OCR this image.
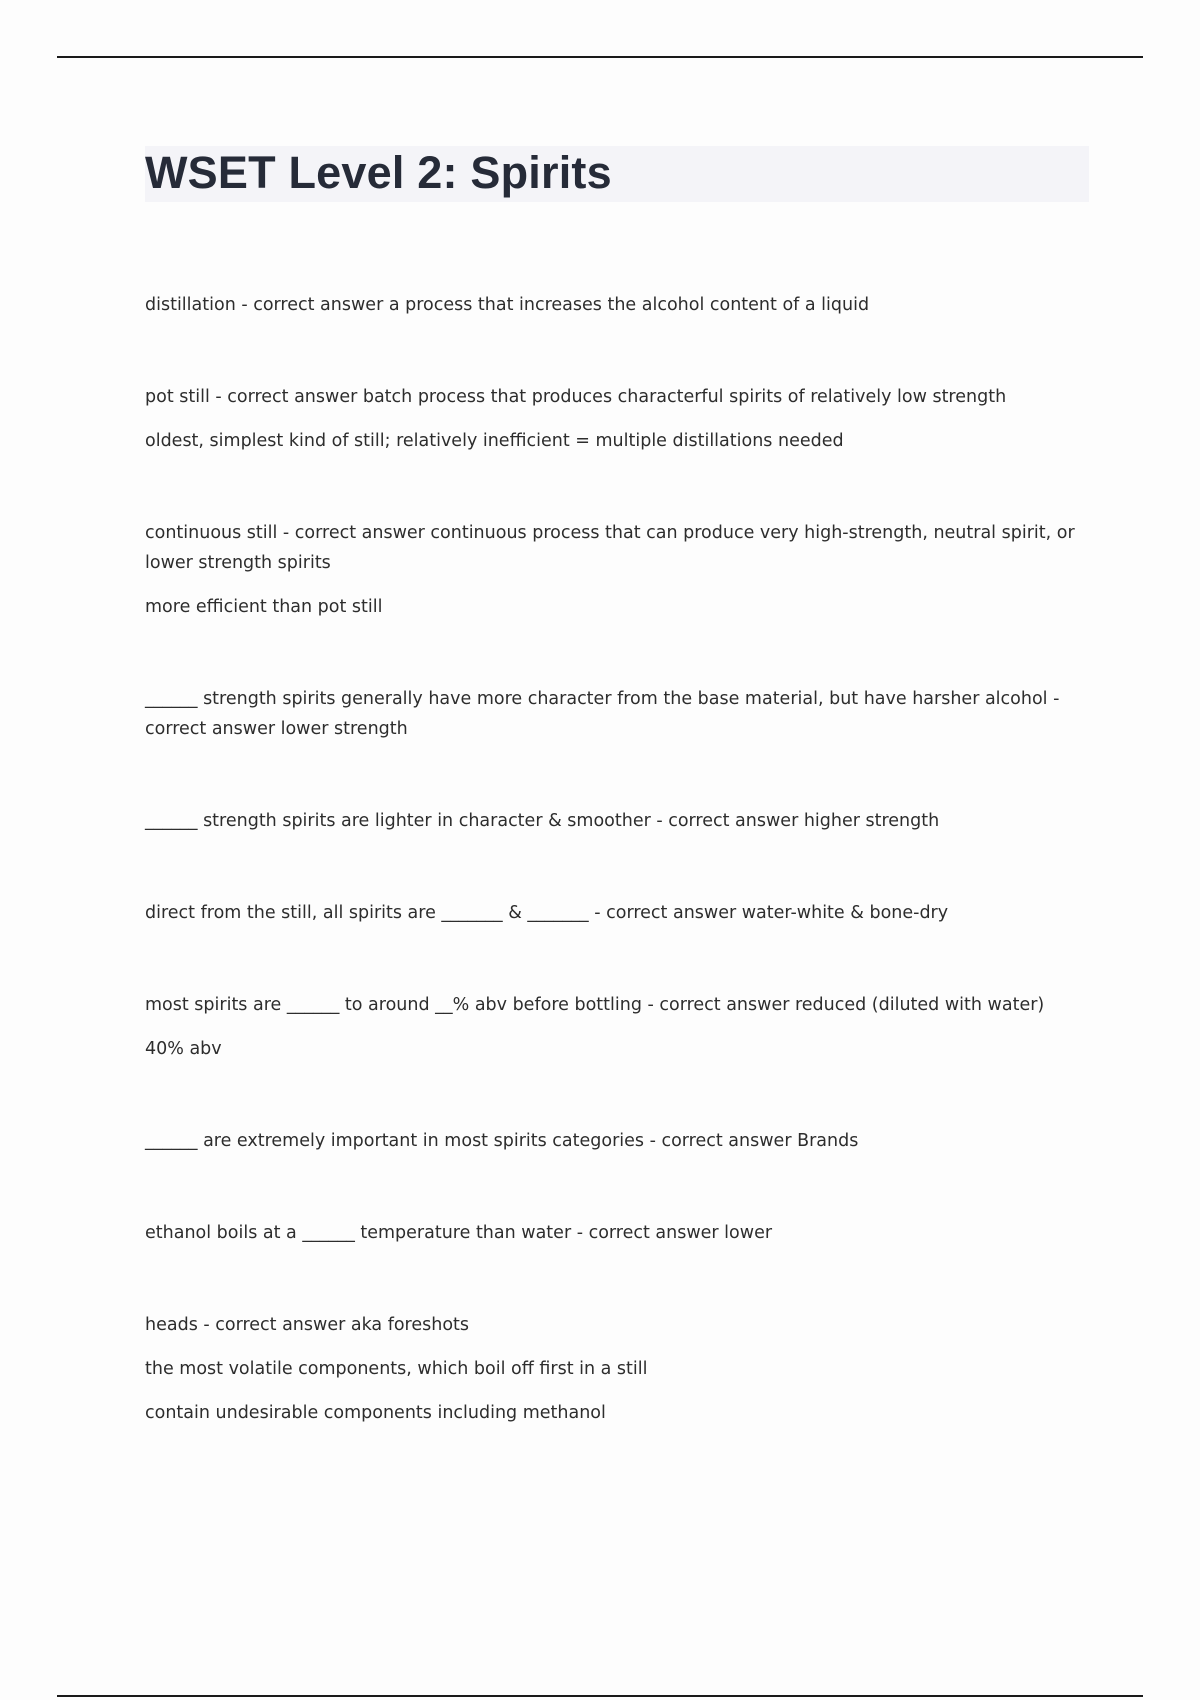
WSET Level 2: Spirits

distillation - correct answer a process that increases the alcohol content of a liquid

pot still - correct answer batch process that produces characterful spirits of relatively low strength

oldest, simplest kind of still; relatively inefficient = multiple distillations needed

continuous still - correct answer continuous process that can produce very high-strength, neutral spirit, or lower strength spirits

more efficient than pot still

______ strength spirits generally have more character from the base material, but have harsher alcohol - correct answer lower strength

______ strength spirits are lighter in character & smoother - correct answer higher strength

direct from the still, all spirits are _______ & _______ - correct answer water-white & bone-dry

most spirits are ______ to around __% abv before bottling - correct answer reduced (diluted with water)

40% abv

______ are extremely important in most spirits categories - correct answer Brands

ethanol boils at a ______ temperature than water - correct answer lower

heads - correct answer aka foreshots

the most volatile components, which boil off first in a still

contain undesirable components including methanol
